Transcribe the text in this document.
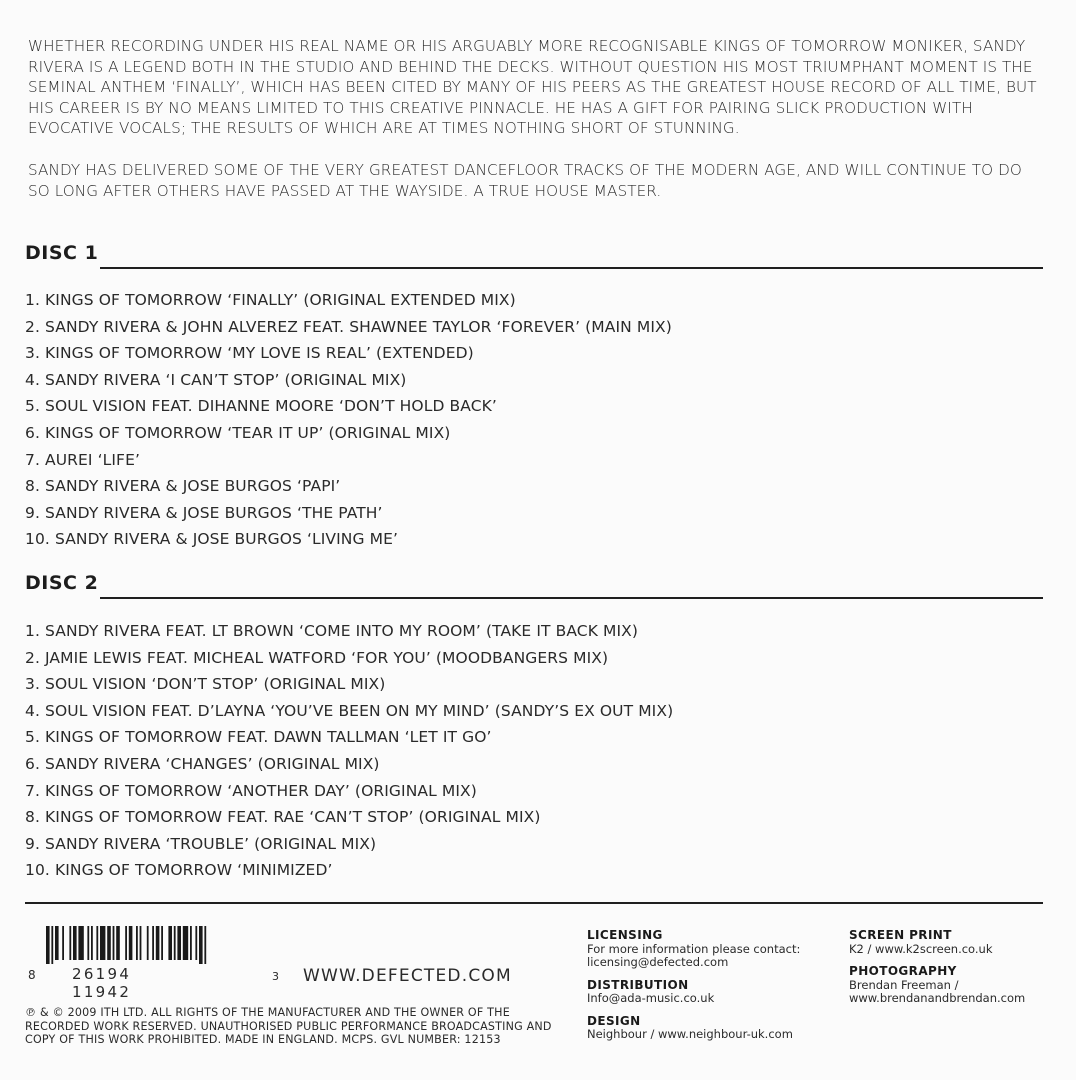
WHETHER RECORDING UNDER HIS REAL NAME OR HIS ARGUABLY MORE RECOGNISABLE KINGS OF TOMORROW MONIKER, SANDY RIVERA IS A LEGEND BOTH IN THE STUDIO AND BEHIND THE DECKS. WITHOUT QUESTION HIS MOST TRIUMPHANT MOMENT IS THE SEMINAL ANTHEM ‘FINALLY’, WHICH HAS BEEN CITED BY MANY OF HIS PEERS AS THE GREATEST HOUSE RECORD OF ALL TIME, BUT HIS CAREER IS BY NO MEANS LIMITED TO THIS CREATIVE PINNACLE. HE HAS A GIFT FOR PAIRING SLICK PRODUCTION WITH EVOCATIVE VOCALS; THE RESULTS OF WHICH ARE AT TIMES NOTHING SHORT OF STUNNING.

SANDY HAS DELIVERED SOME OF THE VERY GREATEST DANCEFLOOR TRACKS OF THE MODERN AGE, AND WILL CONTINUE TO DO SO LONG AFTER OTHERS HAVE PASSED AT THE WAYSIDE. A TRUE HOUSE MASTER.

DISC 1
1. KINGS OF TOMORROW ‘FINALLY’ (ORIGINAL EXTENDED MIX)
2. SANDY RIVERA & JOHN ALVEREZ FEAT. SHAWNEE TAYLOR ‘FOREVER’ (MAIN MIX)
3. KINGS OF TOMORROW ‘MY LOVE IS REAL’ (EXTENDED)
4. SANDY RIVERA ‘I CAN’T STOP’ (ORIGINAL MIX)
5. SOUL VISION FEAT. DIHANNE MOORE ‘DON’T HOLD BACK’
6. KINGS OF TOMORROW ‘TEAR IT UP’ (ORIGINAL MIX)
7. AUREI ‘LIFE’
8. SANDY RIVERA & JOSE BURGOS ‘PAPI’
9. SANDY RIVERA & JOSE BURGOS ‘THE PATH’
10. SANDY RIVERA & JOSE BURGOS ‘LIVING ME’
DISC 2
1. SANDY RIVERA FEAT. LT BROWN ‘COME INTO MY ROOM’ (TAKE IT BACK MIX)
2. JAMIE LEWIS FEAT. MICHEAL WATFORD ‘FOR YOU’ (MOODBANGERS MIX)
3. SOUL VISION ‘DON’T STOP’ (ORIGINAL MIX)
4. SOUL VISION FEAT. D’LAYNA ‘YOU’VE BEEN ON MY MIND’ (SANDY’S EX OUT MIX)
5. KINGS OF TOMORROW FEAT. DAWN TALLMAN ‘LET IT GO’
6. SANDY RIVERA ‘CHANGES’ (ORIGINAL MIX)
7. KINGS OF TOMORROW ‘ANOTHER DAY’ (ORIGINAL MIX)
8. KINGS OF TOMORROW FEAT. RAE ‘CAN’T STOP’ (ORIGINAL MIX)
9. SANDY RIVERA ‘TROUBLE’ (ORIGINAL MIX)
10. KINGS OF TOMORROW ‘MINIMIZED’
8 26194 11942
3 WWW.DEFECTED.COM
℗ & © 2009 ITH LTD. ALL RIGHTS OF THE MANUFACTURER AND THE OWNER OF THE RECORDED WORK RESERVED. UNAUTHORISED PUBLIC PERFORMANCE BROADCASTING AND COPY OF THIS WORK PROHIBITED. MADE IN ENGLAND. MCPS. GVL NUMBER: 12153
LICENSING
For more information please contact:
licensing@defected.com
DISTRIBUTION
Info@ada-music.co.uk
DESIGN
Neighbour / www.neighbour-uk.com
SCREEN PRINT
K2 / www.k2screen.co.uk
PHOTOGRAPHY
Brendan Freeman /
www.brendanandbrendan.com
